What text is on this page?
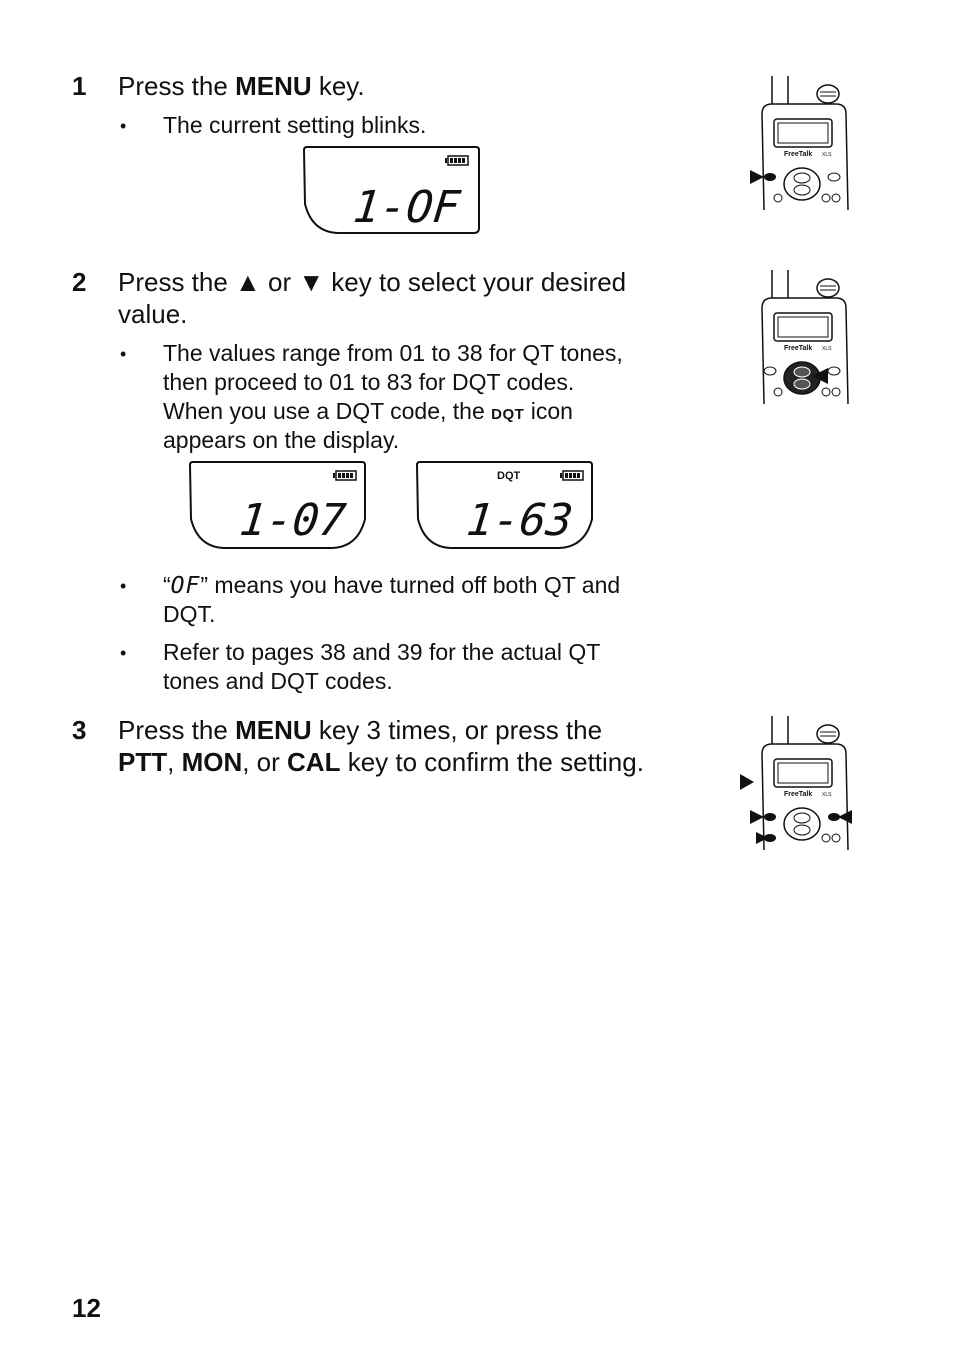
1 Press the MENU key.
• The current setting blinks.
1-OF
FreeTalk XLS
2 Press the ▲ or ▼ key to select your desired
value.
• The values range from 01 to 38 for QT tones,
then proceed to 01 to 83 for DQT codes.
When you use a DQT code, the DQT icon
appears on the display.
FreeTalk XLS
1-07
DQT
1-63
• “OF” means you have turned off both QT and
DQT.
• Refer to pages 38 and 39 for the actual QT
tones and DQT codes.
3 Press the MENU key 3 times, or press the
PTT, MON, or CAL key to confirm the setting.
FreeTalk XLS
12
